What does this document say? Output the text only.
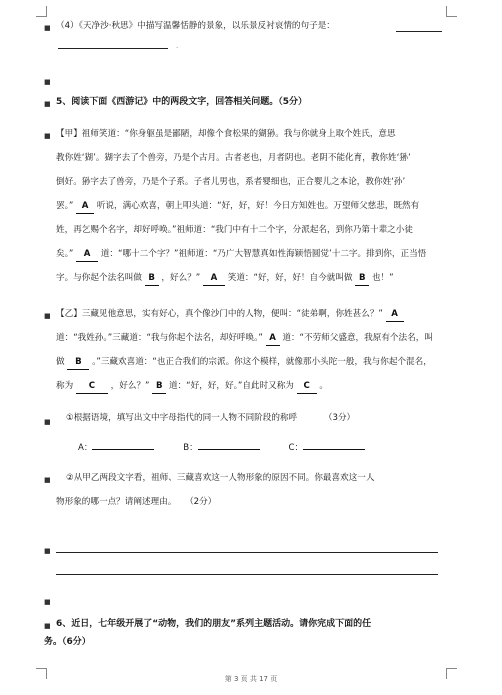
■ （4）《天净沙·秋思》中描写温馨恬静的景象，以乐景反衬哀情的句子是：
.
■
■ 5、阅读下面《西游记》中的两段文字，回答相关问题。（5分）
■ 【甲】祖师笑道：“你身躯虽是鄙陋，却像个食松果的猢狲。我与你就身上取个姓氏，意思
教你姓‘猢’。猢字去了个兽旁，乃是个古月。古者老也，月者阴也。老阴不能化育，教你姓‘狲’
倒好。狲字去了兽旁，乃是个子系。子者儿男也，系者婴细也，正合婴儿之本论，教你姓‘孙’
罢。” A 听说，满心欢喜，朝上叩头道：“好，好，好！今日方知姓也。万望师父慈悲，既然有
姓，再乞赐个名字，却好呼唤。”祖师道：“我门中有十二个字，分派起名，到你乃第十辈之小徒
矣。” A 道：“哪十二个字？”祖师道：“乃广大智慧真如性海颖悟圆觉’十二字。排到你，正当悟
字。与你起个法名叫做 B ，好么？” A 笑道：“好，好，好！自今就叫做 B 也！”
■ 【乙】三藏见他意思，实有好心，真个像沙门中的人物，便叫：“徒弟啊，你姓甚么？” A
道：“我姓孙。”三藏道：“我与你起个法名，却好呼唤。” A 道：“不劳师父盛意，我原有个法名，叫
做 B 。”三藏欢喜道：“也正合我们的宗派。你这个模样，就像那小头陀一般，我与你起个混名，
称为 C ，好么？” B 道：“好，好，好。”自此时又称为 C 。
■ ①根据语境，填写出文中字母指代的同一人物不同阶段的称呼	（3分）
A：	B：	C：
■ ②从甲乙两段文字看，祖师、三藏喜欢这一人物形象的原因不同。你最喜欢这一人
物形象的哪一点？请阐述理由。 （2分）
■
■
■ 6、近日，七年级开展了“动物，我们的朋友”系列主题活动。请你完成下面的任
务。（6分）
第 3 页 共 17 页
